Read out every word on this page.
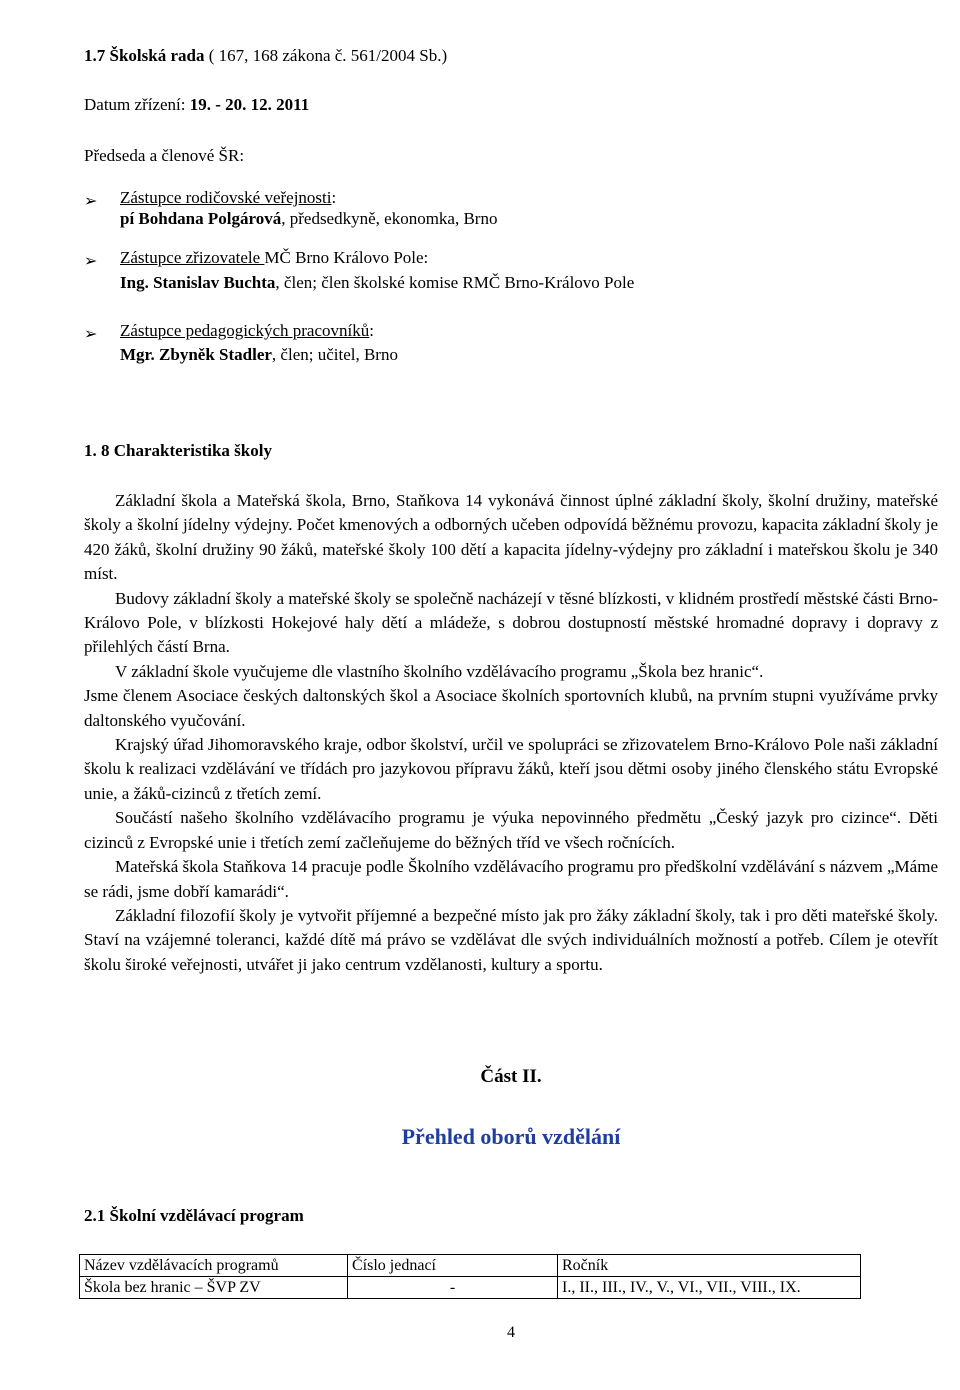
1.7 Školská rada ( 167, 168 zákona č. 561/2004 Sb.)
Datum zřízení: 19. - 20. 12. 2011
Předseda a členové ŠR:
➢ Zástupce rodičovské veřejnosti:
pí Bohdana Polgárová, předsedkyně, ekonomka, Brno
➢ Zástupce zřizovatele MČ Brno Královo Pole:
Ing. Stanislav Buchta, člen; člen školské komise RMČ Brno-Královo Pole
➢ Zástupce pedagogických pracovníků:
Mgr. Zbyněk Stadler, člen; učitel, Brno
1. 8 Charakteristika školy

Základní škola a Mateřská škola, Brno, Staňkova 14 vykonává činnost úplné základní školy, školní družiny, mateřské školy a školní jídelny výdejny. Počet kmenových a odborných učeben odpovídá běžnému provozu, kapacita základní školy je 420 žáků, školní družiny 90 žáků, mateřské školy 100 dětí a kapacita jídelny-výdejny pro základní i mateřskou školu je 340 míst.

Budovy základní školy a mateřské školy se společně nacházejí v těsné blízkosti, v klidném prostředí městské části Brno-Královo Pole, v blízkosti Hokejové haly dětí a mládeže, s dobrou dostupností městské hromadné dopravy i dopravy z přilehlých částí Brna.

V základní škole vyučujeme dle vlastního školního vzdělávacího programu „Škola bez hranic“.

Jsme členem Asociace českých daltonských škol a Asociace školních sportovních klubů, na prvním stupni využíváme prvky daltonského vyučování.

Krajský úřad Jihomoravského kraje, odbor školství, určil ve spolupráci se zřizovatelem Brno-Královo Pole naši základní školu k realizaci vzdělávání ve třídách pro jazykovou přípravu žáků, kteří jsou dětmi osoby jiného členského státu Evropské unie, a žáků-cizinců z třetích zemí.

Součástí našeho školního vzdělávacího programu je výuka nepovinného předmětu „Český jazyk pro cizince“. Děti cizinců z Evropské unie i třetích zemí začleňujeme do běžných tříd ve všech ročnících.

Mateřská škola Staňkova 14 pracuje podle Školního vzdělávacího programu pro předškolní vzdělávání s názvem „Máme se rádi, jsme dobří kamarádi“.

Základní filozofií školy je vytvořit příjemné a bezpečné místo jak pro žáky základní školy, tak i pro děti mateřské školy. Staví na vzájemné toleranci, každé dítě má právo se vzdělávat dle svých individuálních možností a potřeb. Cílem je otevřít školu široké veřejnosti, utvářet ji jako centrum vzdělanosti, kultury a sportu.

Část II.
Přehled oborů vzdělání
2.1 Školní vzdělávací program
Název vzdělávacích programů	Číslo jednací	Ročník
Škola bez hranic – ŠVP ZV	-	I., II., III., IV., V., VI., VII., VIII., IX.
4
